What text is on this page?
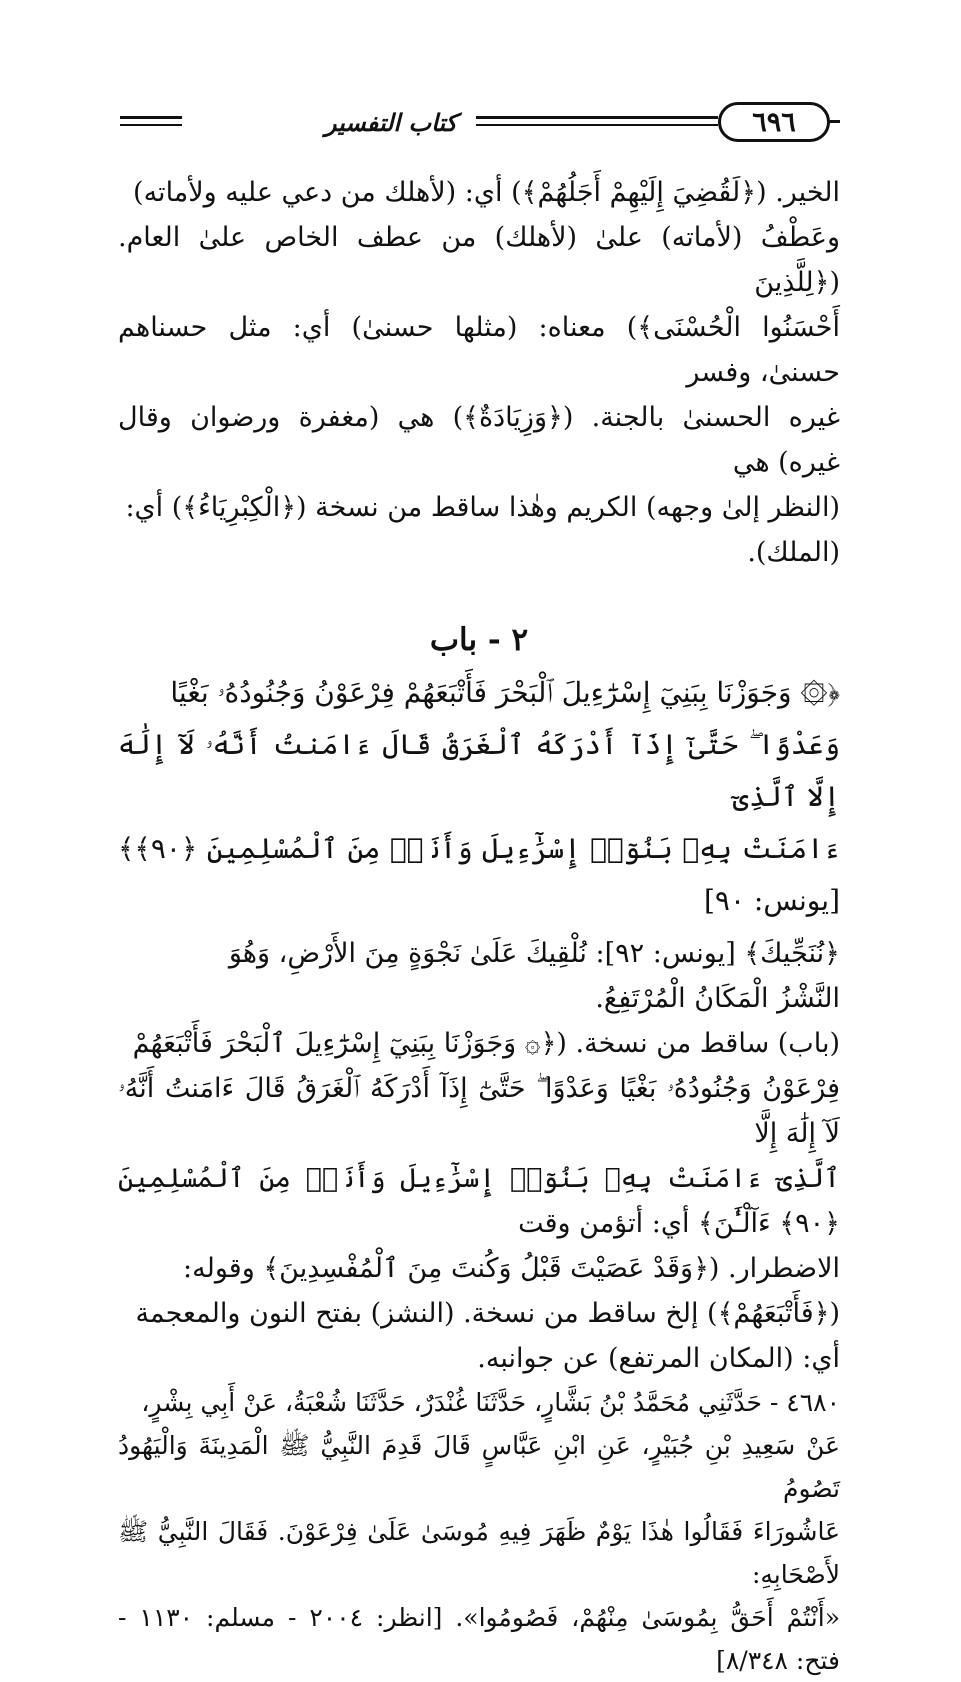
كتاب التفسير	٦٩٦

الخير. (﴿لَقُضِيَ إِلَيْهِمْ أَجَلُهُمْ﴾) أي: (لأهلك من دعي عليه ولأماته)

وعَطْفُ (لأماته) علىٰ (لأهلك) من عطف الخاص علىٰ العام. (﴿لِلَّذِينَ

أَحْسَنُوا الْحُسْنَى﴾) معناه: (مثلها حسنىٰ) أي: مثل حسناهم حسنىٰ، وفسر

غيره الحسنىٰ بالجنة. (﴿وَزِيَادَةٌ﴾) هي (مغفرة ورضوان وقال غيره) هي

(النظر إلىٰ وجهه) الكريم وهٰذا ساقط من نسخة (﴿الْكِبْرِيَاءُ﴾) أي:

(الملك).

٢ - باب

﴿۞ وَجَوَزْنَا بِبَنِيٓ إِسْرَٰٓءِيلَ ٱلْبَحْرَ فَأَتْبَعَهُمْ فِرْعَوْنُ وَجُنُودُهُۥ بَغْيًا

وَعَدْوًا ۖ حَتَّىٰٓ إِذَآ أَدْرَكَهُ ٱلْغَرَقُ قَالَ ءَامَنتُ أَنَّهُۥ لَآ إِلَٰهَ إِلَّا ٱلَّذِىٓ

ءَامَنَتْ بِهِۦ بَنُوٓا۟ إِسْرَٰٓءِيلَ وَأَنَا۠ مِنَ ٱلْمُسْلِمِينَ ﴿٩٠﴾﴾ [يونس: ٩٠]

﴿نُنَجِّيكَ﴾ [يونس: ٩٢]: نُلْقِيكَ عَلَىٰ نَجْوَةٍ مِنَ الأَرْضِ، وَهُوَ

النَّشْزُ الْمَكَانُ الْمُرْتَفِعُ.

(باب) ساقط من نسخة. (﴿۞ وَجَوَزْنَا بِبَنِيٓ إِسْرَٰٓءِيلَ ٱلْبَحْرَ فَأَتْبَعَهُمْ

فِرْعَوْنُ وَجُنُودُهُۥ بَغْيًا وَعَدْوًا ۖ حَتَّىٰٓ إِذَآ أَدْرَكَهُ ٱلْغَرَقُ قَالَ ءَامَنتُ أَنَّهُۥ لَآ إِلَٰهَ إِلَّا

ٱلَّذِىٓ ءَامَنَتْ بِهِۦ بَنُوٓا۟ إِسْرَٰٓءِيلَ وَأَنَا۠ مِنَ ٱلْمُسْلِمِينَ ﴿٩٠﴾ ءَآلْـَٰٔنَ﴾ أي: أتؤمن وقت

الاضطرار. (﴿وَقَدْ عَصَيْتَ قَبْلُ وَكُنتَ مِنَ ٱلْمُفْسِدِينَ﴾ وقوله:

(﴿فَأَتْبَعَهُمْ﴾) إلخ ساقط من نسخة. (النشز) بفتح النون والمعجمة

أي: (المكان المرتفع) عن جوانبه.

٤٦٨٠ - حَدَّثَنِي مُحَمَّدُ بْنُ بَشَّارٍ، حَدَّثَنَا غُنْدَرٌ، حَدَّثَنَا شُعْبَةُ، عَنْ أَبِي بِشْرٍ،

عَنْ سَعِيدِ بْنِ جُبَيْرٍ، عَنِ ابْنِ عَبَّاسٍ قَالَ قَدِمَ النَّبِيُّ ﷺ الْمَدِينَةَ وَالْيَهُودُ تَصُومُ

عَاشُورَاءَ فَقَالُوا هٰذَا يَوْمٌ ظَهَرَ فِيهِ مُوسَىٰ عَلَىٰ فِرْعَوْنَ. فَقَالَ النَّبِيُّ ﷺ لأَصْحَابِهِ:

«أَنْتُمْ أَحَقُّ بِمُوسَىٰ مِنْهُمْ، فَصُومُوا». [انظر: ٢٠٠٤ - مسلم: ١١٣٠ - فتح: ٨/٣٤٨]
